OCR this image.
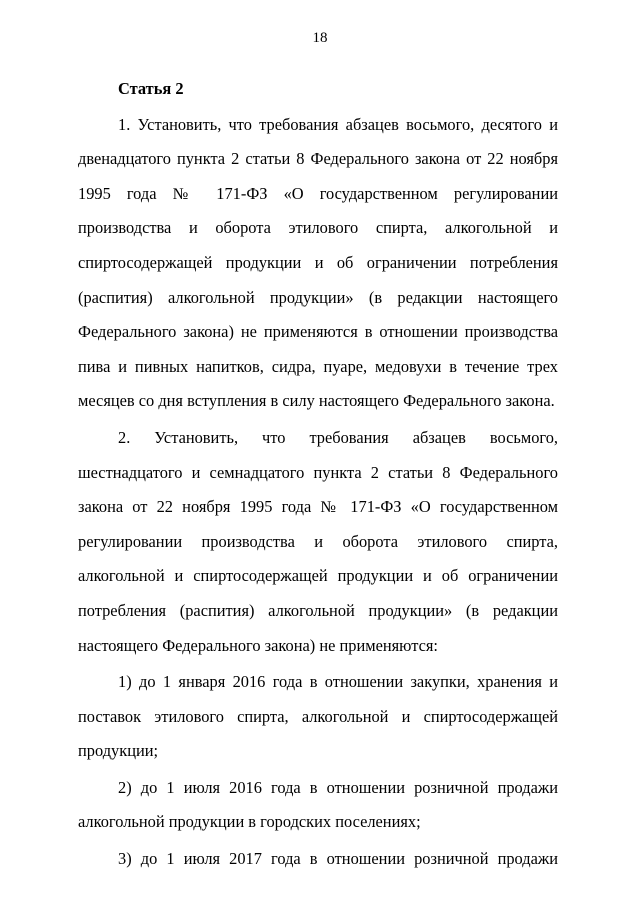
18

Статья 2

1. Установить, что требования абзацев восьмого, десятого и двенадцатого пункта 2 статьи 8 Федерального закона от 22 ноября 1995 года № 171-ФЗ «О государственном регулировании производства и оборота этилового спирта, алкогольной и спиртосодержащей продукции и об ограничении потребления (распития) алкогольной продукции» (в редакции настоящего Федерального закона) не применяются в отношении производства пива и пивных напитков, сидра, пуаре, медовухи в течение трех месяцев со дня вступления в силу настоящего Федерального закона.

2. Установить, что требования абзацев восьмого, шестнадцатого и семнадцатого пункта 2 статьи 8 Федерального закона от 22 ноября 1995 года № 171-ФЗ «О государственном регулировании производства и оборота этилового спирта, алкогольной и спиртосодержащей продукции и об ограничении потребления (распития) алкогольной продукции» (в редакции настоящего Федерального закона) не применяются:

1) до 1 января 2016 года в отношении закупки, хранения и поставок этилового спирта, алкогольной и спиртосодержащей продукции;

2) до 1 июля 2016 года в отношении розничной продажи алкогольной продукции в городских поселениях;

3) до 1 июля 2017 года в отношении розничной продажи
